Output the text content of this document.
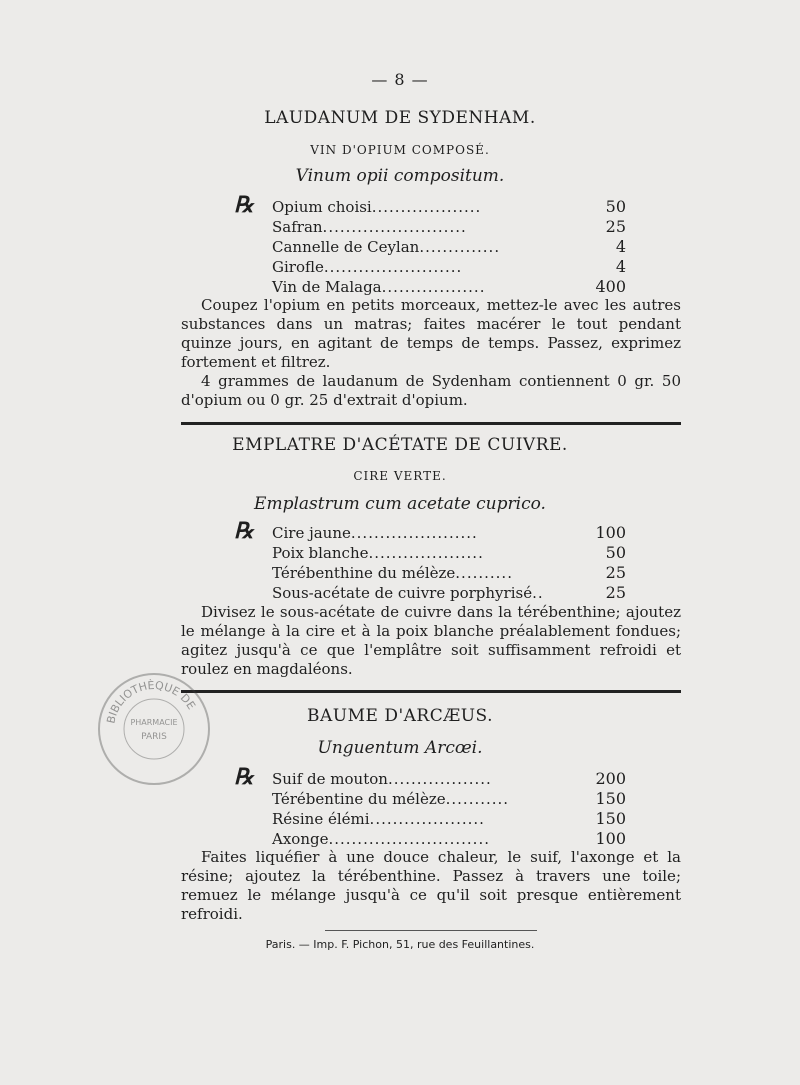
— 8 —
LAUDANUM DE SYDENHAM.
VIN D'OPIUM COMPOSÉ.
Vinum opii compositum.
℞ Opium choisi...................	50
Safran.........................	25
Cannelle de Ceylan..............	4
Girofle........................	4
Vin de Malaga..................	400

Coupez l'opium en petits morceaux, mettez-le avec les autres substances dans un matras; faites macérer le tout pendant quinze jours, en agitant de temps de temps. Passez, exprimez fortement et filtrez.

4 grammes de laudanum de Sydenham contiennent 0 gr. 50 d'opium ou 0 gr. 25 d'extrait d'opium.

EMPLATRE D'ACÉTATE DE CUIVRE.
CIRE VERTE.
Emplastrum cum acetate cuprico.
℞ Cire jaune......................	100
Poix blanche....................	50
Térébenthine du mélèze..........	25
Sous-acétate de cuivre porphyrisé..	25

Divisez le sous-acétate de cuivre dans la térébenthine; ajoutez le mélange à la cire et à la poix blanche préalablement fondues; agitez jusqu'à ce que l'emplâtre soit suffisamment refroidi et roulez en magdaléons.

BIBLIOTHÈQUE DE
PHARMACIE
PARIS
BAUME D'ARCÆUS.
Unguentum Arcœi.
℞ Suif de mouton..................	200
Térébentine du mélèze...........	150
Résine élémi....................	150
Axonge............................	100

Faites liquéfier à une douce chaleur, le suif, l'axonge et la résine; ajoutez la térébenthine. Passez à travers une toile; remuez le mélange jusqu'à ce qu'il soit presque entièrement refroidi.

Paris. — Imp. F. Pichon, 51, rue des Feuillantines.
